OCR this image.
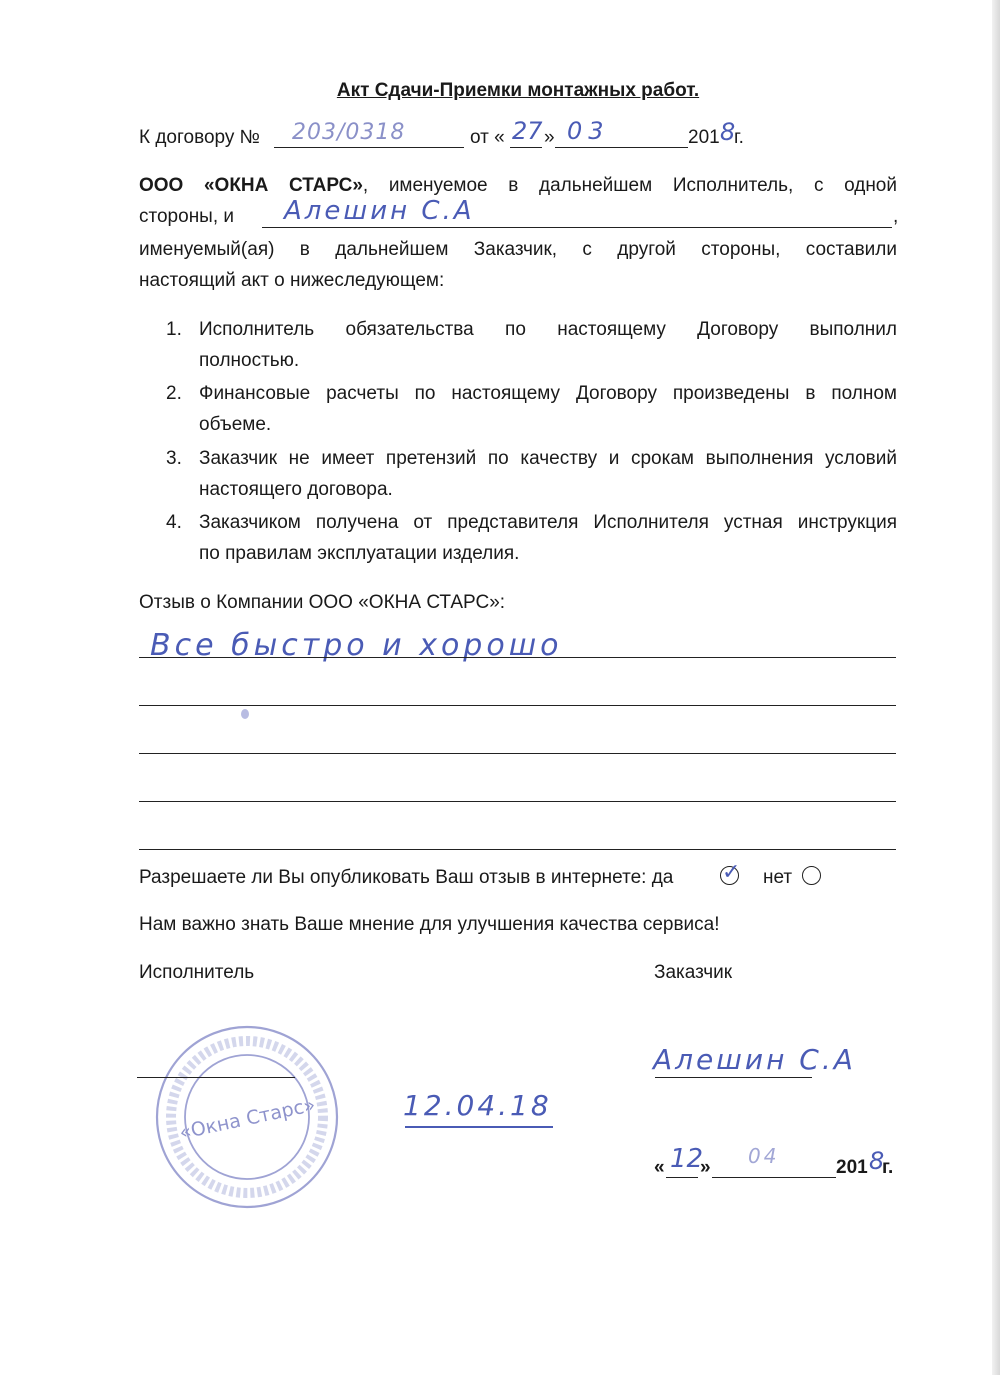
Акт Сдачи-Приемки монтажных работ.
К договору № 203/0318	от « 27 » 03	201 8
г.
ООО «ОКНА СТАРС», именуемое в дальнейшем Исполнитель, с одной
стороны, и Алешин С.А	,
именуемый(ая) в дальнейшем Заказчик, с другой стороны, составили
настоящий акт о нижеследующем:
1. Исполнитель обязательства по настоящему Договору выполнил
полностью.
2. Финансовые расчеты по настоящему Договору произведены в полном
объеме.
3. Заказчик не имеет претензий по качеству и срокам выполнения условий
настоящего договора.
4. Заказчиком получена от представителя Исполнителя устная инструкция
по правилам эксплуатации изделия.
Отзыв о Компании ООО «ОКНА СТАРС»:
Все быстро и хорошо
Разрешаете ли Вы опубликовать Ваш отзыв в интернете: да ✓ нет
Нам важно знать Ваше мнение для улучшения качества сервиса!
Исполнитель	Заказчик
«Окна Старс»	12.04.18
Алешин С.А
« 12
» 04	201 8
г.
